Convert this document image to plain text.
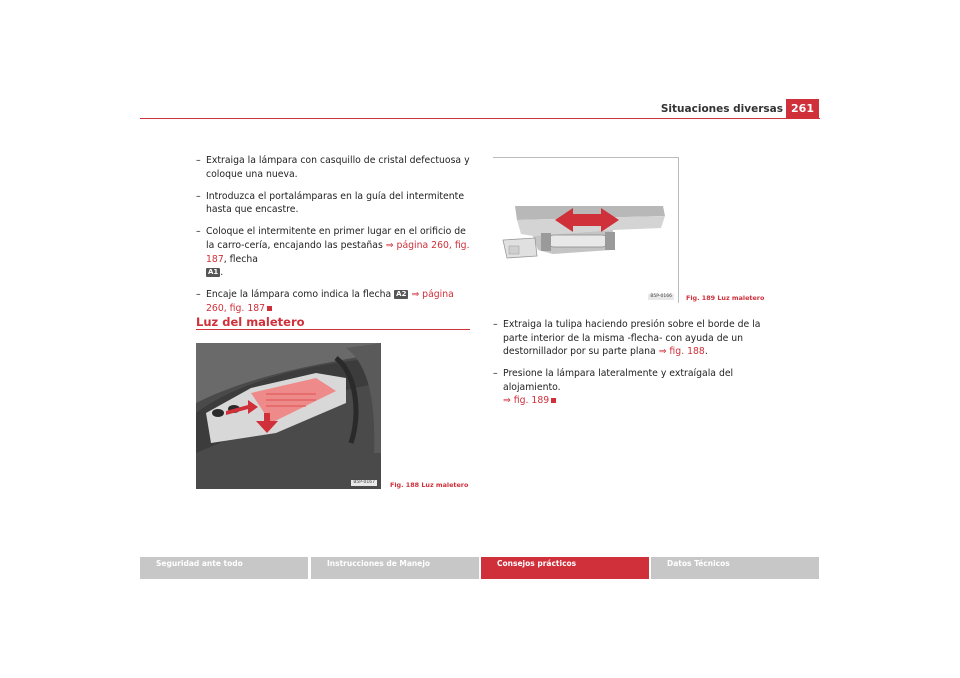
Situaciones diversas 261

– Extraiga la lámpara con casquillo de cristal defectuosa y coloque una nueva.

– Introduzca el portalámparas en la guía del intermitente hasta que encastre.

– Coloque el intermitente en primer lugar en el orificio de la carro-cería, encajando las pestañas ⇒ página 260, fig. 187, flecha
A1 .

– Encaje la lámpara como indica la flecha A2 ⇒ página 260, fig. 187

Luz del maletero
B5P-0167	Fig. 188 Luz maletero
B5P-0166	Fig. 189 Luz maletero

– Extraiga la tulipa haciendo presión sobre el borde de la parte interior de la misma -flecha- con ayuda de un destornillador por su parte plana ⇒ fig. 188.

– Presione la lámpara lateralmente y extraígala del alojamiento.
⇒ fig. 189

Seguridad ante todo	Instrucciones de Manejo	Consejos prácticos	Datos Técnicos
